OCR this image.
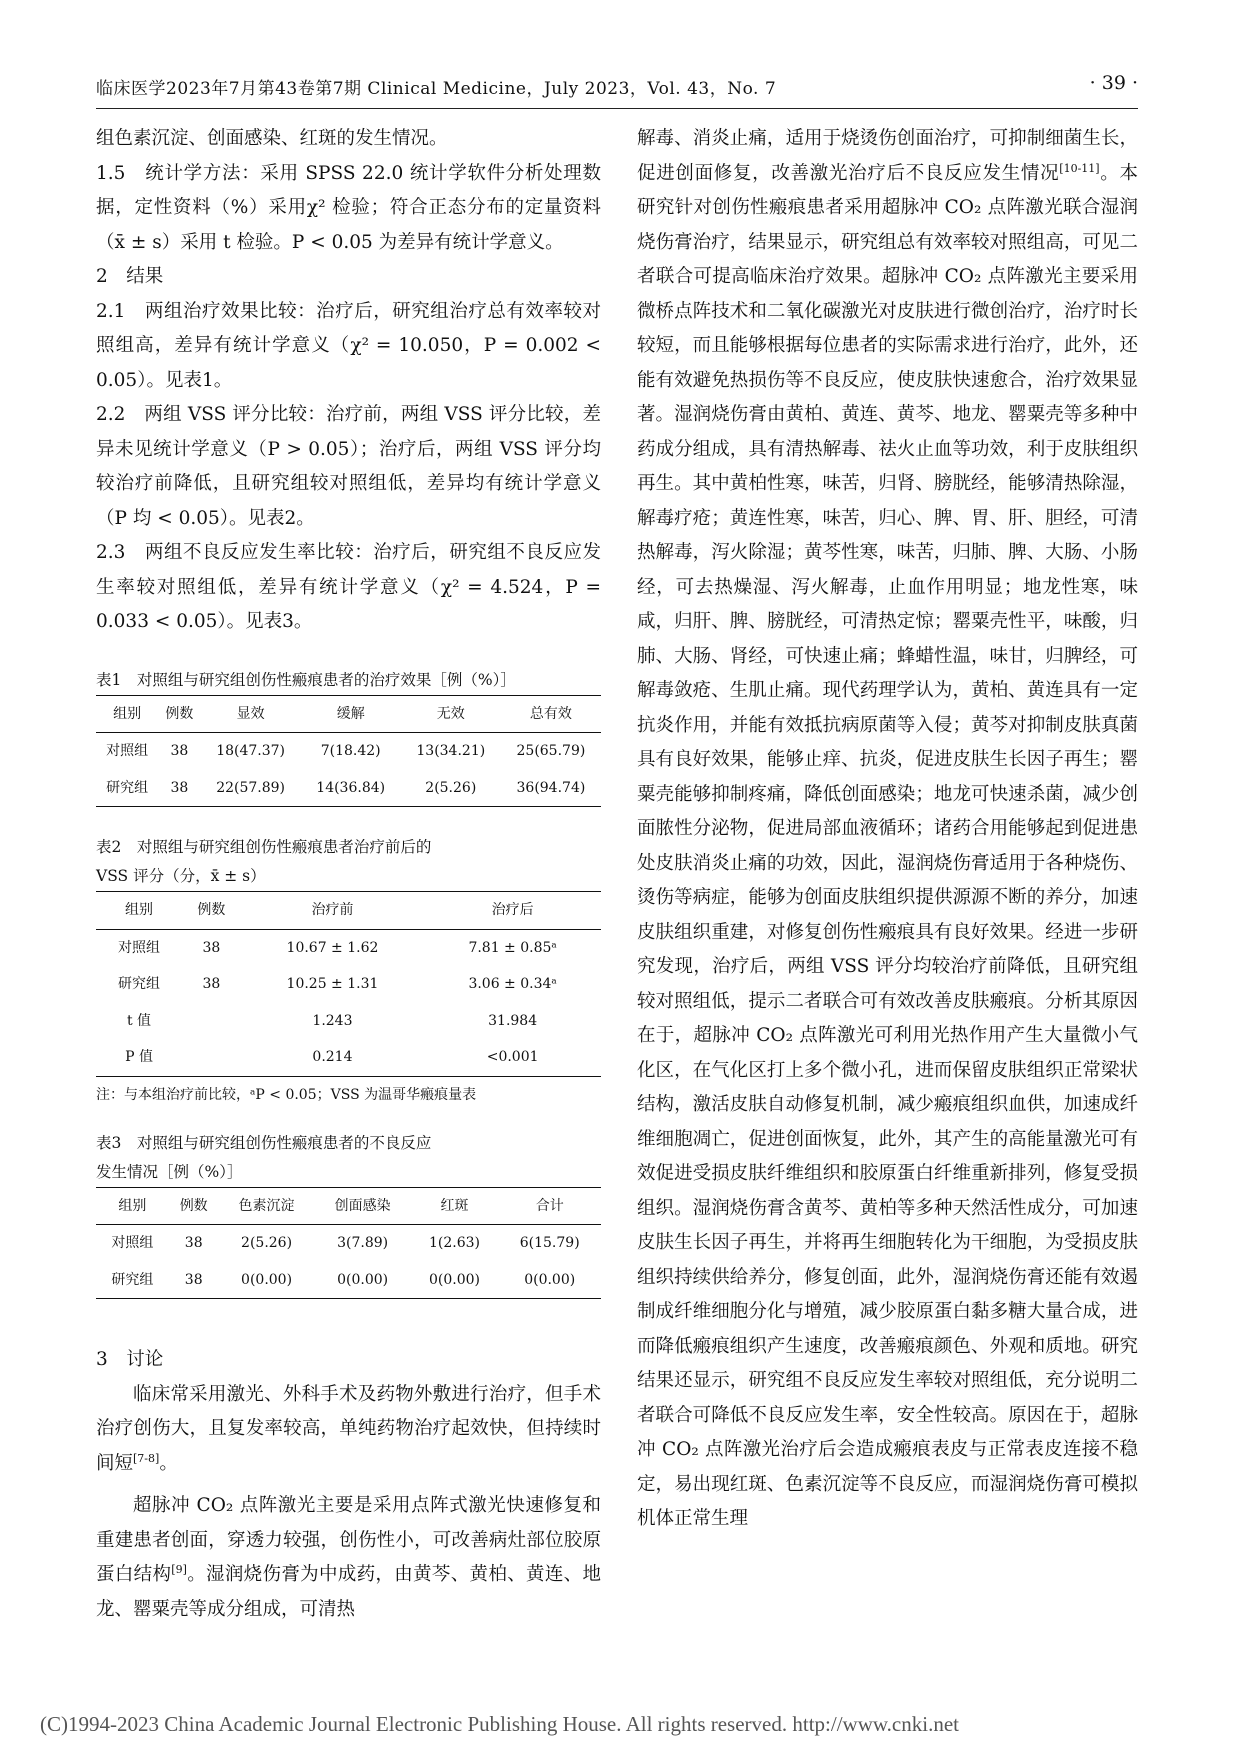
临床医学2023年7月第43卷第7期 Clinical Medicine，July 2023，Vol. 43，No. 7	· 39 ·

组色素沉淀、创面感染、红斑的发生情况。

1.5　统计学方法：采用 SPSS 22.0 统计学软件分析处理数据，定性资料（%）采用χ² 检验；符合正态分布的定量资料（x̄ ± s）采用 t 检验。P < 0.05 为差异有统计学意义。

2　结果

2.1　两组治疗效果比较：治疗后，研究组治疗总有效率较对照组高，差异有统计学意义（χ² = 10.050，P = 0.002 < 0.05）。见表1。

2.2　两组 VSS 评分比较：治疗前，两组 VSS 评分比较，差异未见统计学意义（P > 0.05）；治疗后，两组 VSS 评分均较治疗前降低，且研究组较对照组低，差异均有统计学意义（P 均 < 0.05）。见表2。

2.3　两组不良反应发生率比较：治疗后，研究组不良反应发生率较对照组低，差异有统计学意义（χ² = 4.524，P = 0.033 < 0.05）。见表3。

表1　对照组与研究组创伤性瘢痕患者的治疗效果［例（%）］

组别	例数	显效	缓解	无效	总有效
对照组	38	18(47.37)	7(18.42)	13(34.21)	25(65.79)
研究组	38	22(57.89)	14(36.84)	2(5.26)	36(94.74)

表2　对照组与研究组创伤性瘢痕患者治疗前后的

VSS 评分（分，x̄ ± s）

组别	例数	治疗前	治疗后
对照组	38	10.67 ± 1.62	7.81 ± 0.85ᵃ
研究组	38	10.25 ± 1.31	3.06 ± 0.34ᵃ
t 值		1.243	31.984
P 值		0.214	<0.001

注：与本组治疗前比较，ᵃP < 0.05；VSS 为温哥华瘢痕量表

表3　对照组与研究组创伤性瘢痕患者的不良反应

发生情况［例（%）］

组别	例数	色素沉淀	创面感染	红斑	合计
对照组	38	2(5.26)	3(7.89)	1(2.63)	6(15.79)
研究组	38	0(0.00)	0(0.00)	0(0.00)	0(0.00)

3　讨论

临床常采用激光、外科手术及药物外敷进行治疗，但手术治疗创伤大，且复发率较高，单纯药物治疗起效快，但持续时间短[7-8]。

超脉冲 CO₂ 点阵激光主要是采用点阵式激光快速修复和重建患者创面，穿透力较强，创伤性小，可改善病灶部位胶原蛋白结构[9]。湿润烧伤膏为中成药，由黄芩、黄柏、黄连、地龙、罂粟壳等成分组成，可清热

解毒、消炎止痛，适用于烧烫伤创面治疗，可抑制细菌生长，促进创面修复，改善激光治疗后不良反应发生情况[10-11]。本研究针对创伤性瘢痕患者采用超脉冲 CO₂ 点阵激光联合湿润烧伤膏治疗，结果显示，研究组总有效率较对照组高，可见二者联合可提高临床治疗效果。超脉冲 CO₂ 点阵激光主要采用微桥点阵技术和二氧化碳激光对皮肤进行微创治疗，治疗时长较短，而且能够根据每位患者的实际需求进行治疗，此外，还能有效避免热损伤等不良反应，使皮肤快速愈合，治疗效果显著。湿润烧伤膏由黄柏、黄连、黄芩、地龙、罂粟壳等多种中药成分组成，具有清热解毒、祛火止血等功效，利于皮肤组织再生。其中黄柏性寒，味苦，归肾、膀胱经，能够清热除湿，解毒疗疮；黄连性寒，味苦，归心、脾、胃、肝、胆经，可清热解毒，泻火除湿；黄芩性寒，味苦，归肺、脾、大肠、小肠经，可去热燥湿、泻火解毒，止血作用明显；地龙性寒，味咸，归肝、脾、膀胱经，可清热定惊；罂粟壳性平，味酸，归肺、大肠、肾经，可快速止痛；蜂蜡性温，味甘，归脾经，可解毒敛疮、生肌止痛。现代药理学认为，黄柏、黄连具有一定抗炎作用，并能有效抵抗病原菌等入侵；黄芩对抑制皮肤真菌具有良好效果，能够止痒、抗炎，促进皮肤生长因子再生；罂粟壳能够抑制疼痛，降低创面感染；地龙可快速杀菌，减少创面脓性分泌物，促进局部血液循环；诸药合用能够起到促进患处皮肤消炎止痛的功效，因此，湿润烧伤膏适用于各种烧伤、烫伤等病症，能够为创面皮肤组织提供源源不断的养分，加速皮肤组织重建，对修复创伤性瘢痕具有良好效果。经进一步研究发现，治疗后，两组 VSS 评分均较治疗前降低，且研究组较对照组低，提示二者联合可有效改善皮肤瘢痕。分析其原因在于，超脉冲 CO₂ 点阵激光可利用光热作用产生大量微小气化区，在气化区打上多个微小孔，进而保留皮肤组织正常梁状结构，激活皮肤自动修复机制，减少瘢痕组织血供，加速成纤维细胞凋亡，促进创面恢复，此外，其产生的高能量激光可有效促进受损皮肤纤维组织和胶原蛋白纤维重新排列，修复受损组织。湿润烧伤膏含黄芩、黄柏等多种天然活性成分，可加速皮肤生长因子再生，并将再生细胞转化为干细胞，为受损皮肤组织持续供给养分，修复创面，此外，湿润烧伤膏还能有效遏制成纤维细胞分化与增殖，减少胶原蛋白黏多糖大量合成，进而降低瘢痕组织产生速度，改善瘢痕颜色、外观和质地。研究结果还显示，研究组不良反应发生率较对照组低，充分说明二者联合可降低不良反应发生率，安全性较高。原因在于，超脉冲 CO₂ 点阵激光治疗后会造成瘢痕表皮与正常表皮连接不稳定，易出现红斑、色素沉淀等不良反应，而湿润烧伤膏可模拟机体正常生理

(C)1994-2023 China Academic Journal Electronic Publishing House. All rights reserved. http://www.cnki.net
